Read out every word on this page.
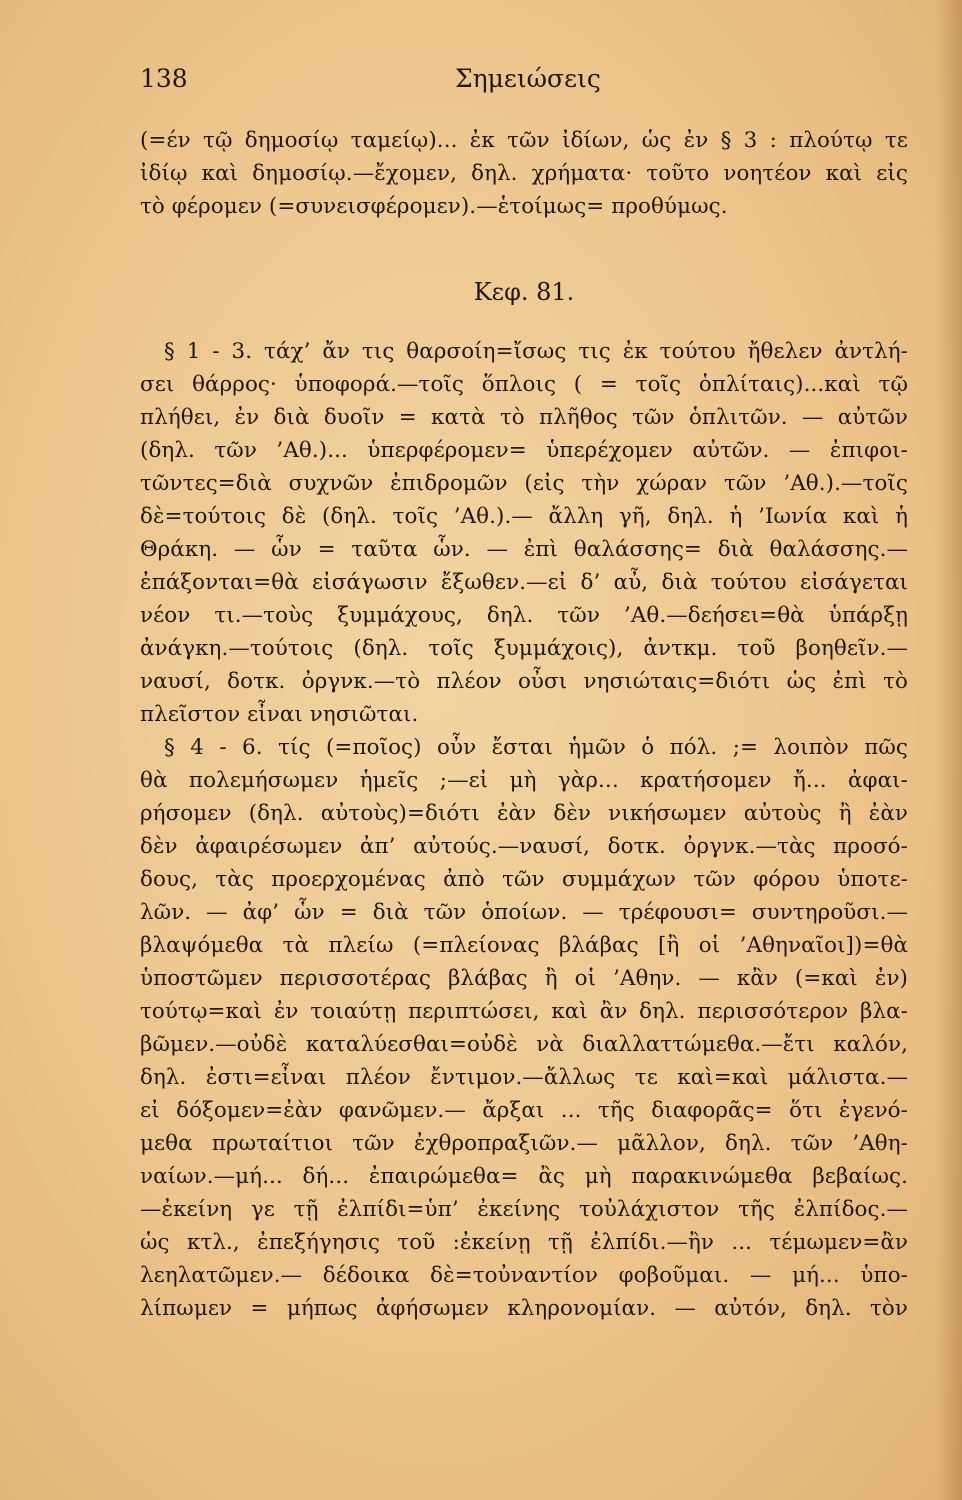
138	Σημειώσεις
(=έν τῷ δημοσίῳ ταμείῳ)... ἐκ τῶν ἰδίων, ὡς ἐν § 3 : πλούτῳ τε
ἰδίῳ καὶ δημοσίῳ.—ἔχομεν, δηλ. χρήματα· τοῦτο νοητέον καὶ εἰς
τὸ φέρομεν (=συνεισφέρομεν).—ἑτοίμως= προθύμως.
Κεφ. 81.
§ 1 - 3. τάχ’ ἄν τις θαρσοίη=ἴσως τις ἐκ τούτου ἤθελεν ἀντλή-
σει θάρρος· ὑποφορά.—τοῖς ὅπλοις ( = τοῖς ὁπλίταις)...καὶ τῷ
πλήθει, ἐν διὰ δυοῖν = κατὰ τὸ πλῆθος τῶν ὁπλιτῶν. — αὐτῶν
(δηλ. τῶν ’Αθ.)... ὑπερφέρομεν= ὑπερέχομεν αὐτῶν. — ἐπιφοι-
τῶντες=διὰ συχνῶν ἐπιδρομῶν (εἰς τὴν χώραν τῶν ’Αθ.).—τοῖς
δὲ=τούτοις δὲ (δηλ. τοῖς ’Αθ.).— ἄλλη γῆ, δηλ. ἡ ’Ιωνία καὶ ἡ
Θράκη. — ὧν = ταῦτα ὧν. — ἐπὶ θαλάσσης= διὰ θαλάσσης.—
ἐπάξονται=θὰ εἰσάγωσιν ἔξωθεν.—εἰ δ’ αὖ, διὰ τούτου εἰσάγεται
νέον τι.—τοὺς ξυμμάχους, δηλ. τῶν ’Αθ.—δεήσει=θὰ ὑπάρξῃ
ἀνάγκη.—τούτοις (δηλ. τοῖς ξυμμάχοις), ἀντκμ. τοῦ βοηθεῖν.—
ναυσί, δοτκ. ὀργνκ.—τὸ πλέον οὖσι νησιώταις=διότι ὡς ἐπὶ τὸ
πλεῖστον εἶναι νησιῶται.
§ 4 - 6. τίς (=ποῖος) οὖν ἔσται ἡμῶν ὁ πόλ. ;= λοιπὸν πῶς
θὰ πολεμήσωμεν ἡμεῖς ;—εἰ μὴ γὰρ... κρατήσομεν ἤ... ἀφαι-
ρήσομεν (δηλ. αὐτοὺς)=διότι ἐὰν δὲν νικήσωμεν αὐτοὺς ἢ ἐὰν
δὲν ἀφαιρέσωμεν ἀπ’ αὐτούς.—ναυσί, δοτκ. ὀργνκ.—τὰς προσό-
δους, τὰς προερχομένας ἀπὸ τῶν συμμάχων τῶν φόρου ὑποτε-
λῶν. — ἀφ’ ὧν = διὰ τῶν ὁποίων. — τρέφουσι= συντηροῦσι.—
βλαψόμεθα τὰ πλείω (=πλείονας βλάβας [ἢ οἱ ’Αθηναῖοι])=θὰ
ὑποστῶμεν περισσοτέρας βλάβας ἢ οἱ ’Αθην. — κἂν (=καὶ ἐν)
τούτῳ=καὶ ἐν τοιαύτῃ περιπτώσει, καὶ ἂν δηλ. περισσότερον βλα-
βῶμεν.—οὐδὲ καταλύεσθαι=οὐδὲ νὰ διαλλαττώμεθα.—ἔτι καλόν,
δηλ. ἐστι=εἶναι πλέον ἔντιμον.—ἄλλως τε καὶ=καὶ μάλιστα.—
εἰ δόξομεν=ἐὰν φανῶμεν.— ἄρξαι ... τῆς διαφορᾶς= ὅτι ἐγενό-
μεθα πρωταίτιοι τῶν ἐχθροπραξιῶν.— μᾶλλον, δηλ. τῶν ’Αθη-
ναίων.—μή... δή... ἐπαιρώμεθα= ἂς μὴ παρακινώμεθα βεβαίως.
—ἐκείνη γε τῇ ἐλπίδι=ὑπ’ ἐκείνης τοὐλάχιστον τῆς ἐλπίδος.—
ὡς κτλ., ἐπεξήγησις τοῦ :ἐκείνῃ τῇ ἐλπίδι.—ἢν ... τέμωμεν=ἂν
λεηλατῶμεν.— δέδοικα δὲ=τοὐναντίον φοβοῦμαι. — μή... ὑπο-
λίπωμεν = μήπως ἀφήσωμεν κληρονομίαν. — αὐτόν, δηλ. τὸν
